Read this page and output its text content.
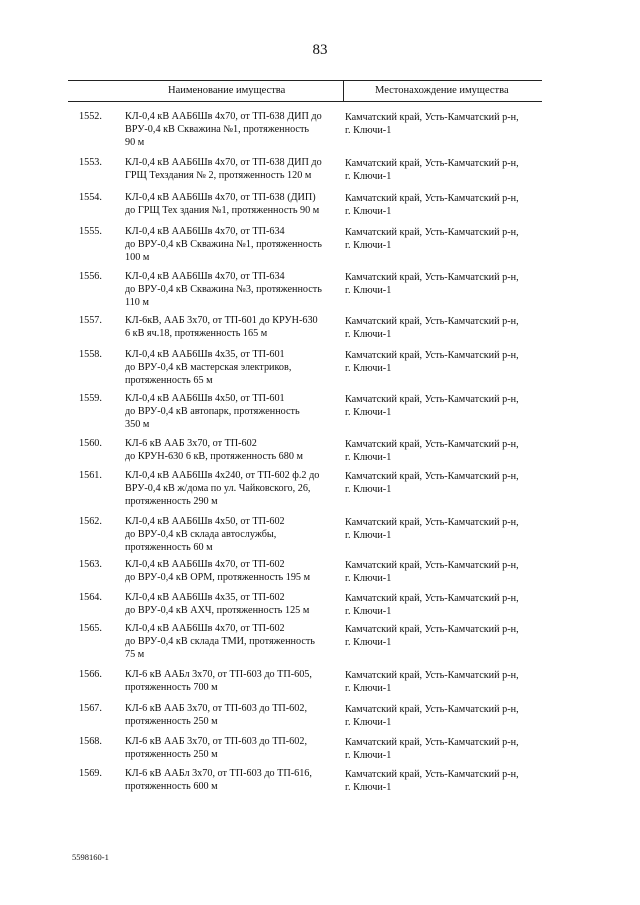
83
Наименование имущества	Местонахождение имущества
1552.	КЛ-0,4 кВ ААБ6Шв 4х70, от ТП-638 ДИП до
ВРУ-0,4 кВ Скважина №1, протяженность
90 м
Камчатский край, Усть-Камчатский р-н,
г. Ключи-1
1553.	КЛ-0,4 кВ ААБ6Шв 4х70, от ТП-638 ДИП до
ГРЩ Техздания № 2, протяженность 120 м
Камчатский край, Усть-Камчатский р-н,
г. Ключи-1
1554.	КЛ-0,4 кВ ААБ6Шв 4х70, от ТП-638 (ДИП)
до ГРЩ Тех здания №1, протяженность 90 м
Камчатский край, Усть-Камчатский р-н,
г. Ключи-1
1555.	КЛ-0,4 кВ ААБ6Шв 4х70, от ТП-634
до ВРУ-0,4 кВ Скважина №1, протяженность
100 м
Камчатский край, Усть-Камчатский р-н,
г. Ключи-1
1556.	КЛ-0,4 кВ ААБ6Шв 4х70, от ТП-634
до ВРУ-0,4 кВ Скважина №3, протяженность
110 м
Камчатский край, Усть-Камчатский р-н,
г. Ключи-1
1557.	КЛ-6кВ, ААБ 3х70, от ТП-601 до КРУН-630
6 кВ яч.18, протяженность 165 м
Камчатский край, Усть-Камчатский р-н,
г. Ключи-1
1558.	КЛ-0,4 кВ ААБ6Шв 4х35, от ТП-601
до ВРУ-0,4 кВ мастерская электриков,
протяженность 65 м
Камчатский край, Усть-Камчатский р-н,
г. Ключи-1
1559.	КЛ-0,4 кВ ААБ6Шв 4х50, от ТП-601
до ВРУ-0,4 кВ автопарк, протяженность
350 м
Камчатский край, Усть-Камчатский р-н,
г. Ключи-1
1560.	КЛ-6 кВ ААБ 3х70, от ТП-602
до КРУН-630 6 кВ, протяженность 680 м
Камчатский край, Усть-Камчатский р-н,
г. Ключи-1
1561.	КЛ-0,4 кВ ААБ6Шв 4х240, от ТП-602 ф.2 до
ВРУ-0,4 кВ ж/дома по ул. Чайковского, 26,
протяженность 290 м
Камчатский край, Усть-Камчатский р-н,
г. Ключи-1
1562.	КЛ-0,4 кВ ААБ6Шв 4х50, от ТП-602
до ВРУ-0,4 кВ склада автослужбы,
протяженность 60 м
Камчатский край, Усть-Камчатский р-н,
г. Ключи-1
1563.	КЛ-0,4 кВ ААБ6Шв 4х70, от ТП-602
до ВРУ-0,4 кВ ОРМ, протяженность 195 м
Камчатский край, Усть-Камчатский р-н,
г. Ключи-1
1564.	КЛ-0,4 кВ ААБ6Шв 4х35, от ТП-602
до ВРУ-0,4 кВ АХЧ, протяженность 125 м
Камчатский край, Усть-Камчатский р-н,
г. Ключи-1
1565.	КЛ-0,4 кВ ААБ6Шв 4х70, от ТП-602
до ВРУ-0,4 кВ склада ТМИ, протяженность
75 м
Камчатский край, Усть-Камчатский р-н,
г. Ключи-1
1566.	КЛ-6 кВ ААБл 3х70, от ТП-603 до ТП-605,
протяженность 700 м
Камчатский край, Усть-Камчатский р-н,
г. Ключи-1
1567.	КЛ-6 кВ ААБ 3х70, от ТП-603 до ТП-602,
протяженность 250 м
Камчатский край, Усть-Камчатский р-н,
г. Ключи-1
1568.	КЛ-6 кВ ААБ 3х70, от ТП-603 до ТП-602,
протяженность 250 м
Камчатский край, Усть-Камчатский р-н,
г. Ключи-1
1569.	КЛ-6 кВ ААБл 3х70, от ТП-603 до ТП-616,
протяженность 600 м
Камчатский край, Усть-Камчатский р-н,
г. Ключи-1
5598160-1
